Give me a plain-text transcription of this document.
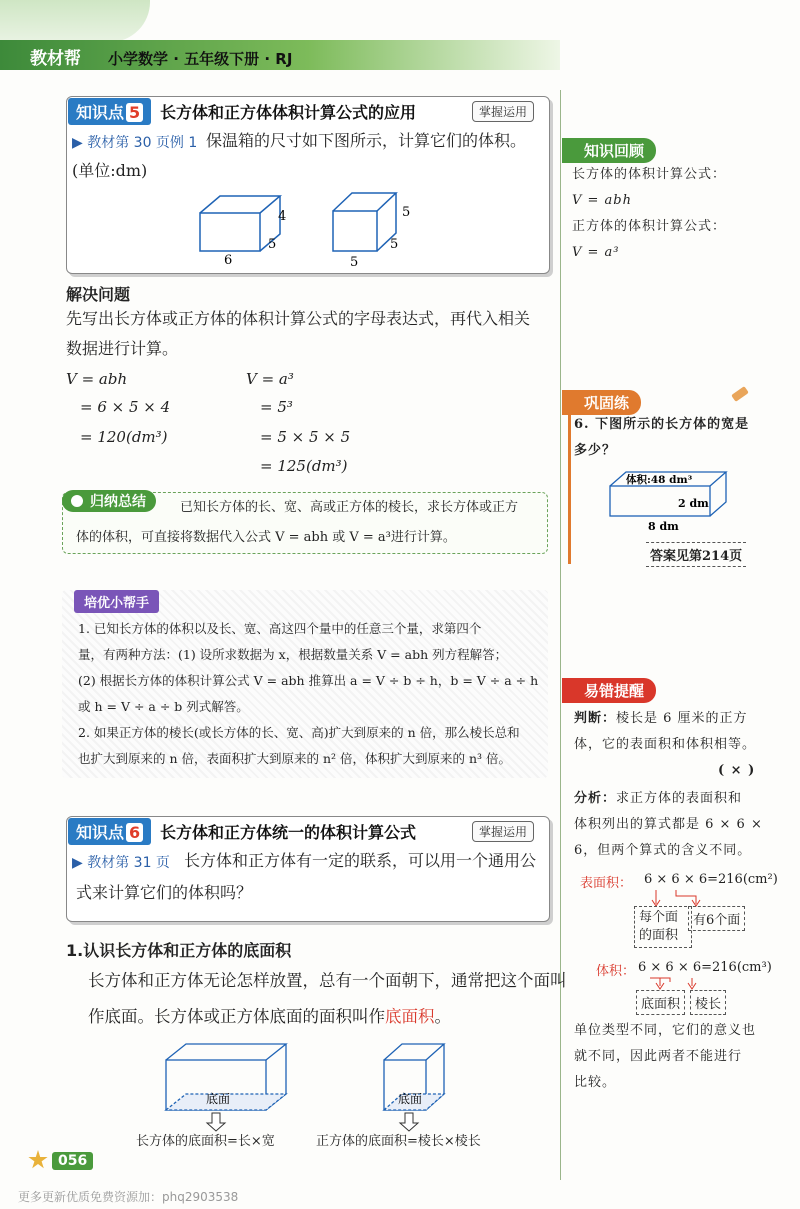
教材帮 小学数学 · 五年级下册 · RJ
知识点 5	长方体和正方体体积计算公式的应用	掌握运用
▶ 教材第 30 页例 1 保温箱的尺寸如下图所示，计算它们的体积。
(单位:dm)
4
5
6
5
5
5
解决问题
先写出长方体或正方体的体积计算公式的字母表达式，再代入相关
数据进行计算。
V = abh
= 6 × 5 × 4
= 120(dm³)
V = a³
= 5³
= 5 × 5 × 5
= 125(dm³)
归纳总结	已知长方体的长、宽、高或正方体的棱长，求长方体或正方
体的体积，可直接将数据代入公式 V = abh 或 V = a³进行计算。
培优小帮手
1. 已知长方体的体积以及长、宽、高这四个量中的任意三个量，求第四个
量，有两种方法：(1) 设所求数据为 x，根据数量关系 V = abh 列方程解答；
(2) 根据长方体的体积计算公式 V = abh 推算出 a = V ÷ b ÷ h，b = V ÷ a ÷ h
或 h = V ÷ a ÷ b 列式解答。
2. 如果正方体的棱长(或长方体的长、宽、高)扩大到原来的 n 倍，那么棱长总和
也扩大到原来的 n 倍，表面积扩大到原来的 n² 倍，体积扩大到原来的 n³ 倍。
知识点 6	长方体和正方体统一的体积计算公式	掌握运用
▶ 教材第 31 页 长方体和正方体有一定的联系，可以用一个通用公
式来计算它们的体积吗？
1.认识长方体和正方体的底面积
长方体和正方体无论怎样放置，总有一个面朝下，通常把这个面叫
作底面。长方体或正方体底面的面积叫作底面积。
底面	底面
长方体的底面积=长×宽	正方体的底面积=棱长×棱长
知识回顾
长方体的体积计算公式：
V = abh
正方体的体积计算公式：
V = a³
巩固练
6. 下图所示的长方体的宽是
多少？
体积:48 dm³
2 dm
8 dm
答案见第214页
易错提醒
判断：棱长是 6 厘米的正方
体，它的表面积和体积相等。
( × )
分析：求正方体的表面积和
体积列出的算式都是 6 × 6 ×
6，但两个算式的含义不同。
表面积： 6 × 6 × 6=216(cm²)
每个面
的面积
有6个面
体积： 6 × 6 × 6=216(cm³)
底面积	棱长
单位类型不同，它们的意义也
就不同，因此两者不能进行
比较。
056
更多更新优质免费资源加：phq2903538
